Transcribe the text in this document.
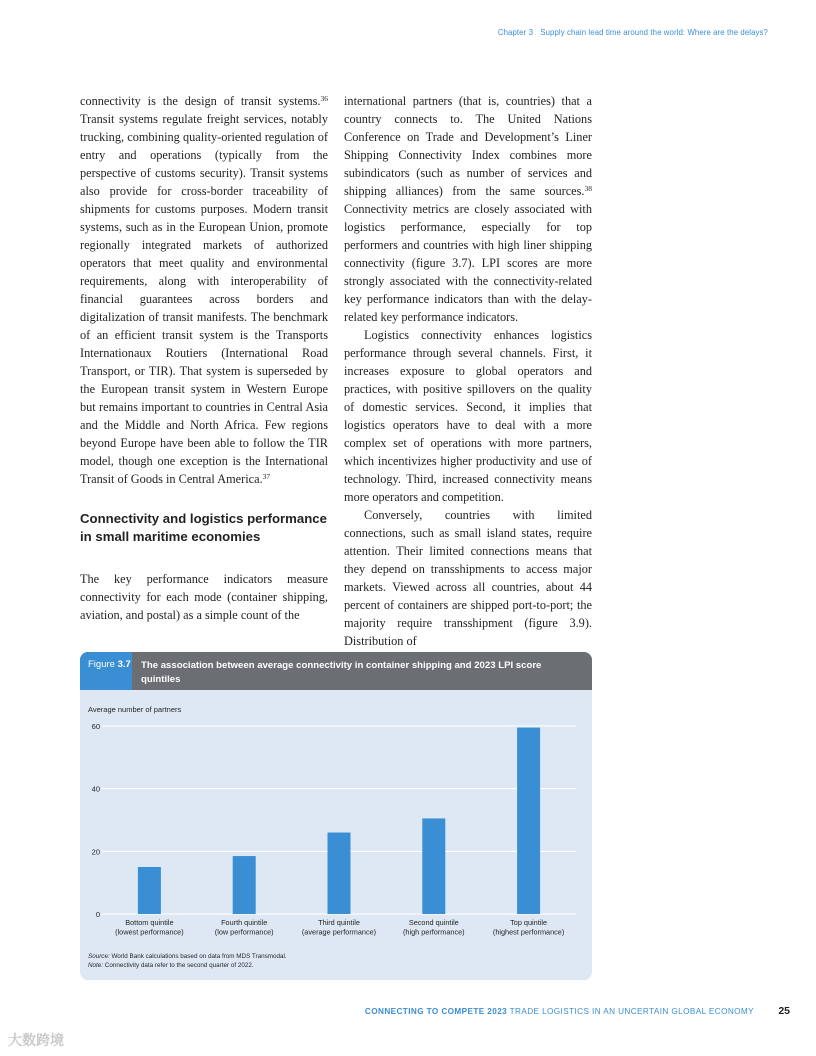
Chapter 3 Supply chain lead time around the world: Where are the delays?

connectivity is the design of transit systems.$^{36}$ Transit systems regulate freight services, notably trucking, combining quality-oriented regulation of entry and operations (typically from the perspective of customs security). Transit systems also provide for cross-border traceability of shipments for customs purposes. Modern transit systems, such as in the European Union, promote regionally integrated markets of authorized operators that meet quality and environmental requirements, along with interoperability of financial guarantees across borders and digitalization of transit manifests. The benchmark of an efficient transit system is the Transports Internationaux Routiers (International Road Transport, or TIR). That system is superseded by the European transit system in Western Europe but remains important to countries in Central Asia and the Middle and North Africa. Few regions beyond Europe have been able to follow the TIR model, though one exception is the International Transit of Goods in Central America.$^{37}$

Connectivity and logistics performance in small maritime economies

The key performance indicators measure connectivity for each mode (container shipping, aviation, and postal) as a simple count of the

international partners (that is, countries) that a country connects to. The United Nations Conference on Trade and Development’s Liner Shipping Connectivity Index combines more subindicators (such as number of services and shipping alliances) from the same sources.$^{38}$ Connectivity metrics are closely associated with logistics performance, especially for top performers and countries with high liner shipping connectivity (figure 3.7). LPI scores are more strongly associated with the connectivity-related key performance indicators than with the delay-related key performance indicators.

Logistics connectivity enhances logistics performance through several channels. First, it increases exposure to global operators and practices, with positive spillovers on the quality of domestic services. Second, it implies that logistics operators have to deal with a more complex set of operations with more partners, which incentivizes higher productivity and use of technology. Third, increased connectivity means more operators and competition.

Conversely, countries with limited connections, such as small island states, require attention. Their limited connections means that they depend on transshipments to access major markets. Viewed across all countries, about 44 percent of containers are shipped port-to-port; the majority require transshipment (figure 3.9). Distribution of

Figure 3.7 The association between average connectivity in container shipping and 2023 LPI score quintiles
Average number of partners
0
20
40
60
Bottom quintile
(lowest performance)
Fourth quintile
(low performance)
Third quintile
(average performance)
Second quintile
(high performance)
Top quintile
(highest performance)
Source: World Bank calculations based on data from MDS Transmodal.
Note: Connectivity data refer to the second quarter of 2022.
CONNECTING TO COMPETE 2023 TRADE LOGISTICS IN AN UNCERTAIN GLOBAL ECONOMY 25
大数跨境
